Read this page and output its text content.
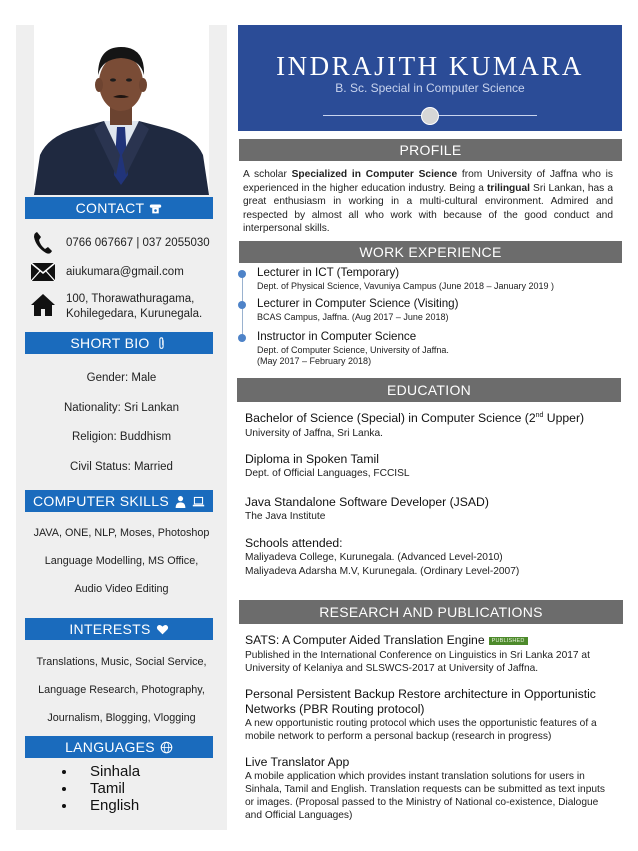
CONTACT
0766 067667 | 037 2055030
aiukumara@gmail.com
100, Thorawathuragama,
Kohilegedara, Kurunegala.
SHORT BIO
Gender: Male
Nationality: Sri Lankan
Religion: Buddhism
Civil Status: Married
COMPUTER SKILLS
JAVA, ONE, NLP, Moses, Photoshop
Language Modelling, MS Office,
Audio Video Editing
INTERESTS
Translations, Music, Social Service,
Language Research, Photography,
Journalism, Blogging, Vlogging
LANGUAGES
Sinhala
Tamil
English
INDRAJITH KUMARA
B. Sc. Special in Computer Science
PROFILE
A scholar Specialized in Computer Science from University of Jaffna who is experienced in the higher education industry. Being a trilingual Sri Lankan, has a great enthusiasm in working in a multi-cultural environment. Admired and respected by almost all who work with because of the good conduct and interpersonal skills.
WORK EXPERIENCE
Lecturer in ICT (Temporary)
Dept. of Physical Science, Vavuniya Campus (June 2018 – January 2019 )
Lecturer in Computer Science (Visiting)
BCAS Campus, Jaffna. (Aug 2017 – June 2018)
Instructor in Computer Science
Dept. of Computer Science, University of Jaffna.
(May 2017 – February 2018)
EDUCATION
Bachelor of Science (Special) in Computer Science (2nd Upper)
University of Jaffna, Sri Lanka.
Diploma in Spoken Tamil
Dept. of Official Languages, FCCISL
Java Standalone Software Developer (JSAD)
The Java Institute
Schools attended:
Maliyadeva College, Kurunegala. (Advanced Level-2010)
Maliyadeva Adarsha M.V, Kurunegala. (Ordinary Level-2007)
RESEARCH AND PUBLICATIONS
SATS: A Computer Aided Translation Engine PUBLISHED
Published in the International Conference on Linguistics in Sri Lanka 2017 at
University of Kelaniya and SLSWCS-2017 at University of Jaffna.
Personal Persistent Backup Restore architecture in Opportunistic
Networks (PBR Routing protocol)
A new opportunistic routing protocol which uses the opportunistic features of a
mobile network to perform a personal backup (research in progress)
Live Translator App
A mobile application which provides instant translation solutions for users in
Sinhala, Tamil and English. Translation requests can be submitted as text inputs
or images. (Proposal passed to the Ministry of National co-existence, Dialogue
and Official Languages)
